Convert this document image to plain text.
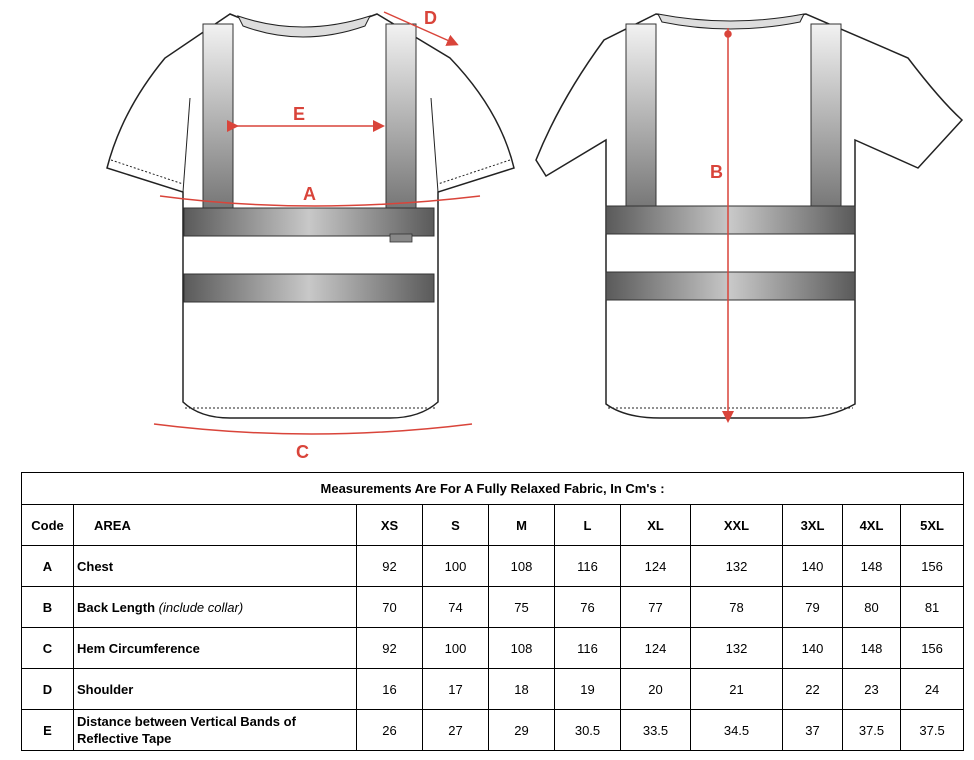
A
B
C
D
E
Measurements Are For A Fully Relaxed Fabric, In Cm's :										
Code	AREA	XS	S	M	L	XL	XXL	3XL	4XL	5XL
A	Chest	92	100	108	116	124	132	140	148	156
B	Back Length (include collar)	70	74	75	76	77	78	79	80	81
C	Hem Circumference	92	100	108	116	124	132	140	148	156
D	Shoulder	16	17	18	19	20	21	22	23	24
E	Distance between Vertical Bands of Reflective Tape	26	27	29	30.5	33.5	34.5	37	37.5	37.5
